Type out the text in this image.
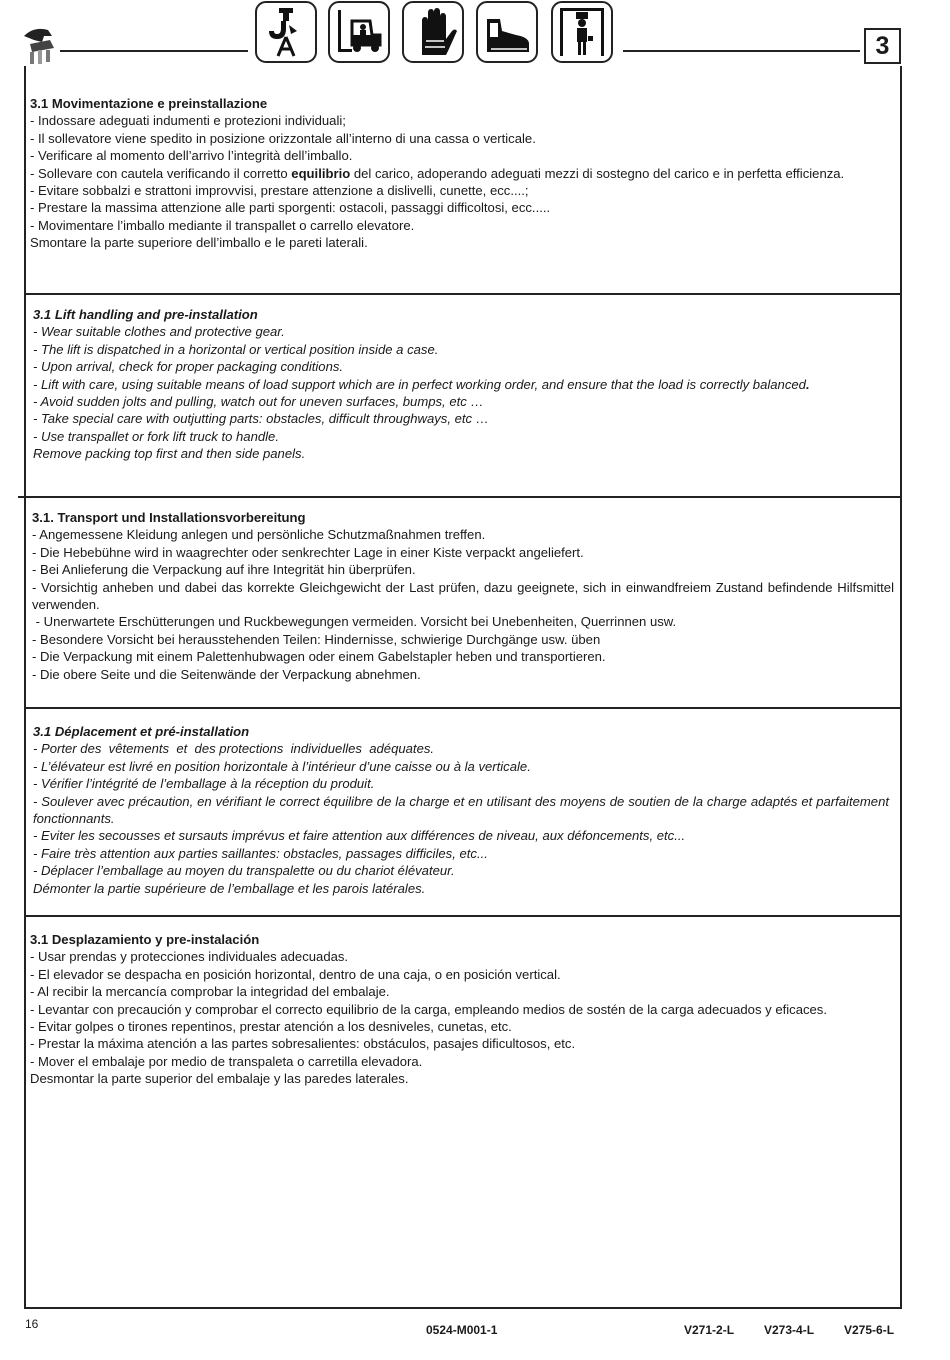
3
3.1 Movimentazione e preinstallazione

- Indossare adeguati indumenti e protezioni individuali;

- Il sollevatore viene spedito in posizione orizzontale all’interno di una cassa o verticale.

- Verificare al momento dell’arrivo l’integrità dell’imballo.

- Sollevare con cautela verificando il corretto equilibrio del carico, adoperando adeguati mezzi di sostegno del carico e in perfetta efficienza.

- Evitare sobbalzi e strattoni improvvisi, prestare attenzione a dislivelli, cunette, ecc....;

- Prestare la massima attenzione alle parti sporgenti: ostacoli, passaggi difficoltosi, ecc.....

- Movimentare l’imballo mediante il transpallet o carrello elevatore.

Smontare la parte superiore dell’imballo e le pareti laterali.

3.1 Lift handling and pre-installation

- Wear suitable clothes and protective gear.

- The lift is dispatched in a horizontal or vertical position inside a case.

- Upon arrival, check for proper packaging conditions.

- Lift with care, using suitable means of load support which are in perfect working order, and ensure that the load is correctly balanced.

- Avoid sudden jolts and pulling, watch out for uneven surfaces, bumps, etc …

- Take special care with outjutting parts: obstacles, difficult throughways, etc …

- Use transpallet or fork lift truck to handle.

Remove packing top first and then side panels.

3.1. Transport und Installationsvorbereitung

- Angemessene Kleidung anlegen und persönliche Schutzmaßnahmen treffen.

- Die Hebebühne wird in waagrechter oder senkrechter Lage in einer Kiste verpackt angeliefert.

- Bei Anlieferung die Verpackung auf ihre Integrität hin überprüfen.

- Vorsichtig anheben und dabei das korrekte Gleichgewicht der Last prüfen, dazu geeignete, sich in einwandfreiem Zustand befindende Hilfsmittel verwenden.

- Unerwartete Erschütterungen und Ruckbewegungen vermeiden. Vorsicht bei Unebenheiten, Querrinnen usw.

- Besondere Vorsicht bei herausstehenden Teilen: Hindernisse, schwierige Durchgänge usw. üben

- Die Verpackung mit einem Palettenhubwagen oder einem Gabelstapler heben und transportieren.

- Die obere Seite und die Seitenwände der Verpackung abnehmen.

3.1 Déplacement et pré-installation

- Porter des  vêtements  et  des protections  individuelles  adéquates.

- L’élévateur est livré en position horizontale à l’intérieur d’une caisse ou à la verticale.

- Vérifier l’intégrité de l’emballage à la réception du produit.

- Soulever avec précaution, en vérifiant le correct équilibre de la charge et en utilisant des moyens de soutien de la charge adaptés et parfaitement fonctionnants.

- Eviter les secousses et sursauts imprévus et faire attention aux différences de niveau, aux défoncements, etc...

- Faire très attention aux parties saillantes: obstacles, passages difficiles, etc...

- Déplacer l’emballage au moyen du transpalette ou du chariot élévateur.

Démonter la partie supérieure de l’emballage et les parois latérales.

3.1 Desplazamiento y pre-instalación

- Usar prendas y protecciones individuales adecuadas.

- El elevador se despacha en posición horizontal, dentro de una caja, o en posición vertical.

- Al recibir la mercancía comprobar la integridad del embalaje.

- Levantar con precaución y comprobar el correcto equilibrio de la carga, empleando medios de sostén de la carga adecuados y eficaces.

- Evitar golpes o tirones repentinos, prestar atención a los desniveles, cunetas, etc.

- Prestar la máxima atención a las partes sobresalientes: obstáculos, pasajes dificultosos, etc.

- Mover el embalaje por medio de transpaleta o carretilla elevadora.

Desmontar la parte superior del embalaje y las paredes laterales.

16	0524-M001-1	V271-2-L V273-4-L V275-6-L
